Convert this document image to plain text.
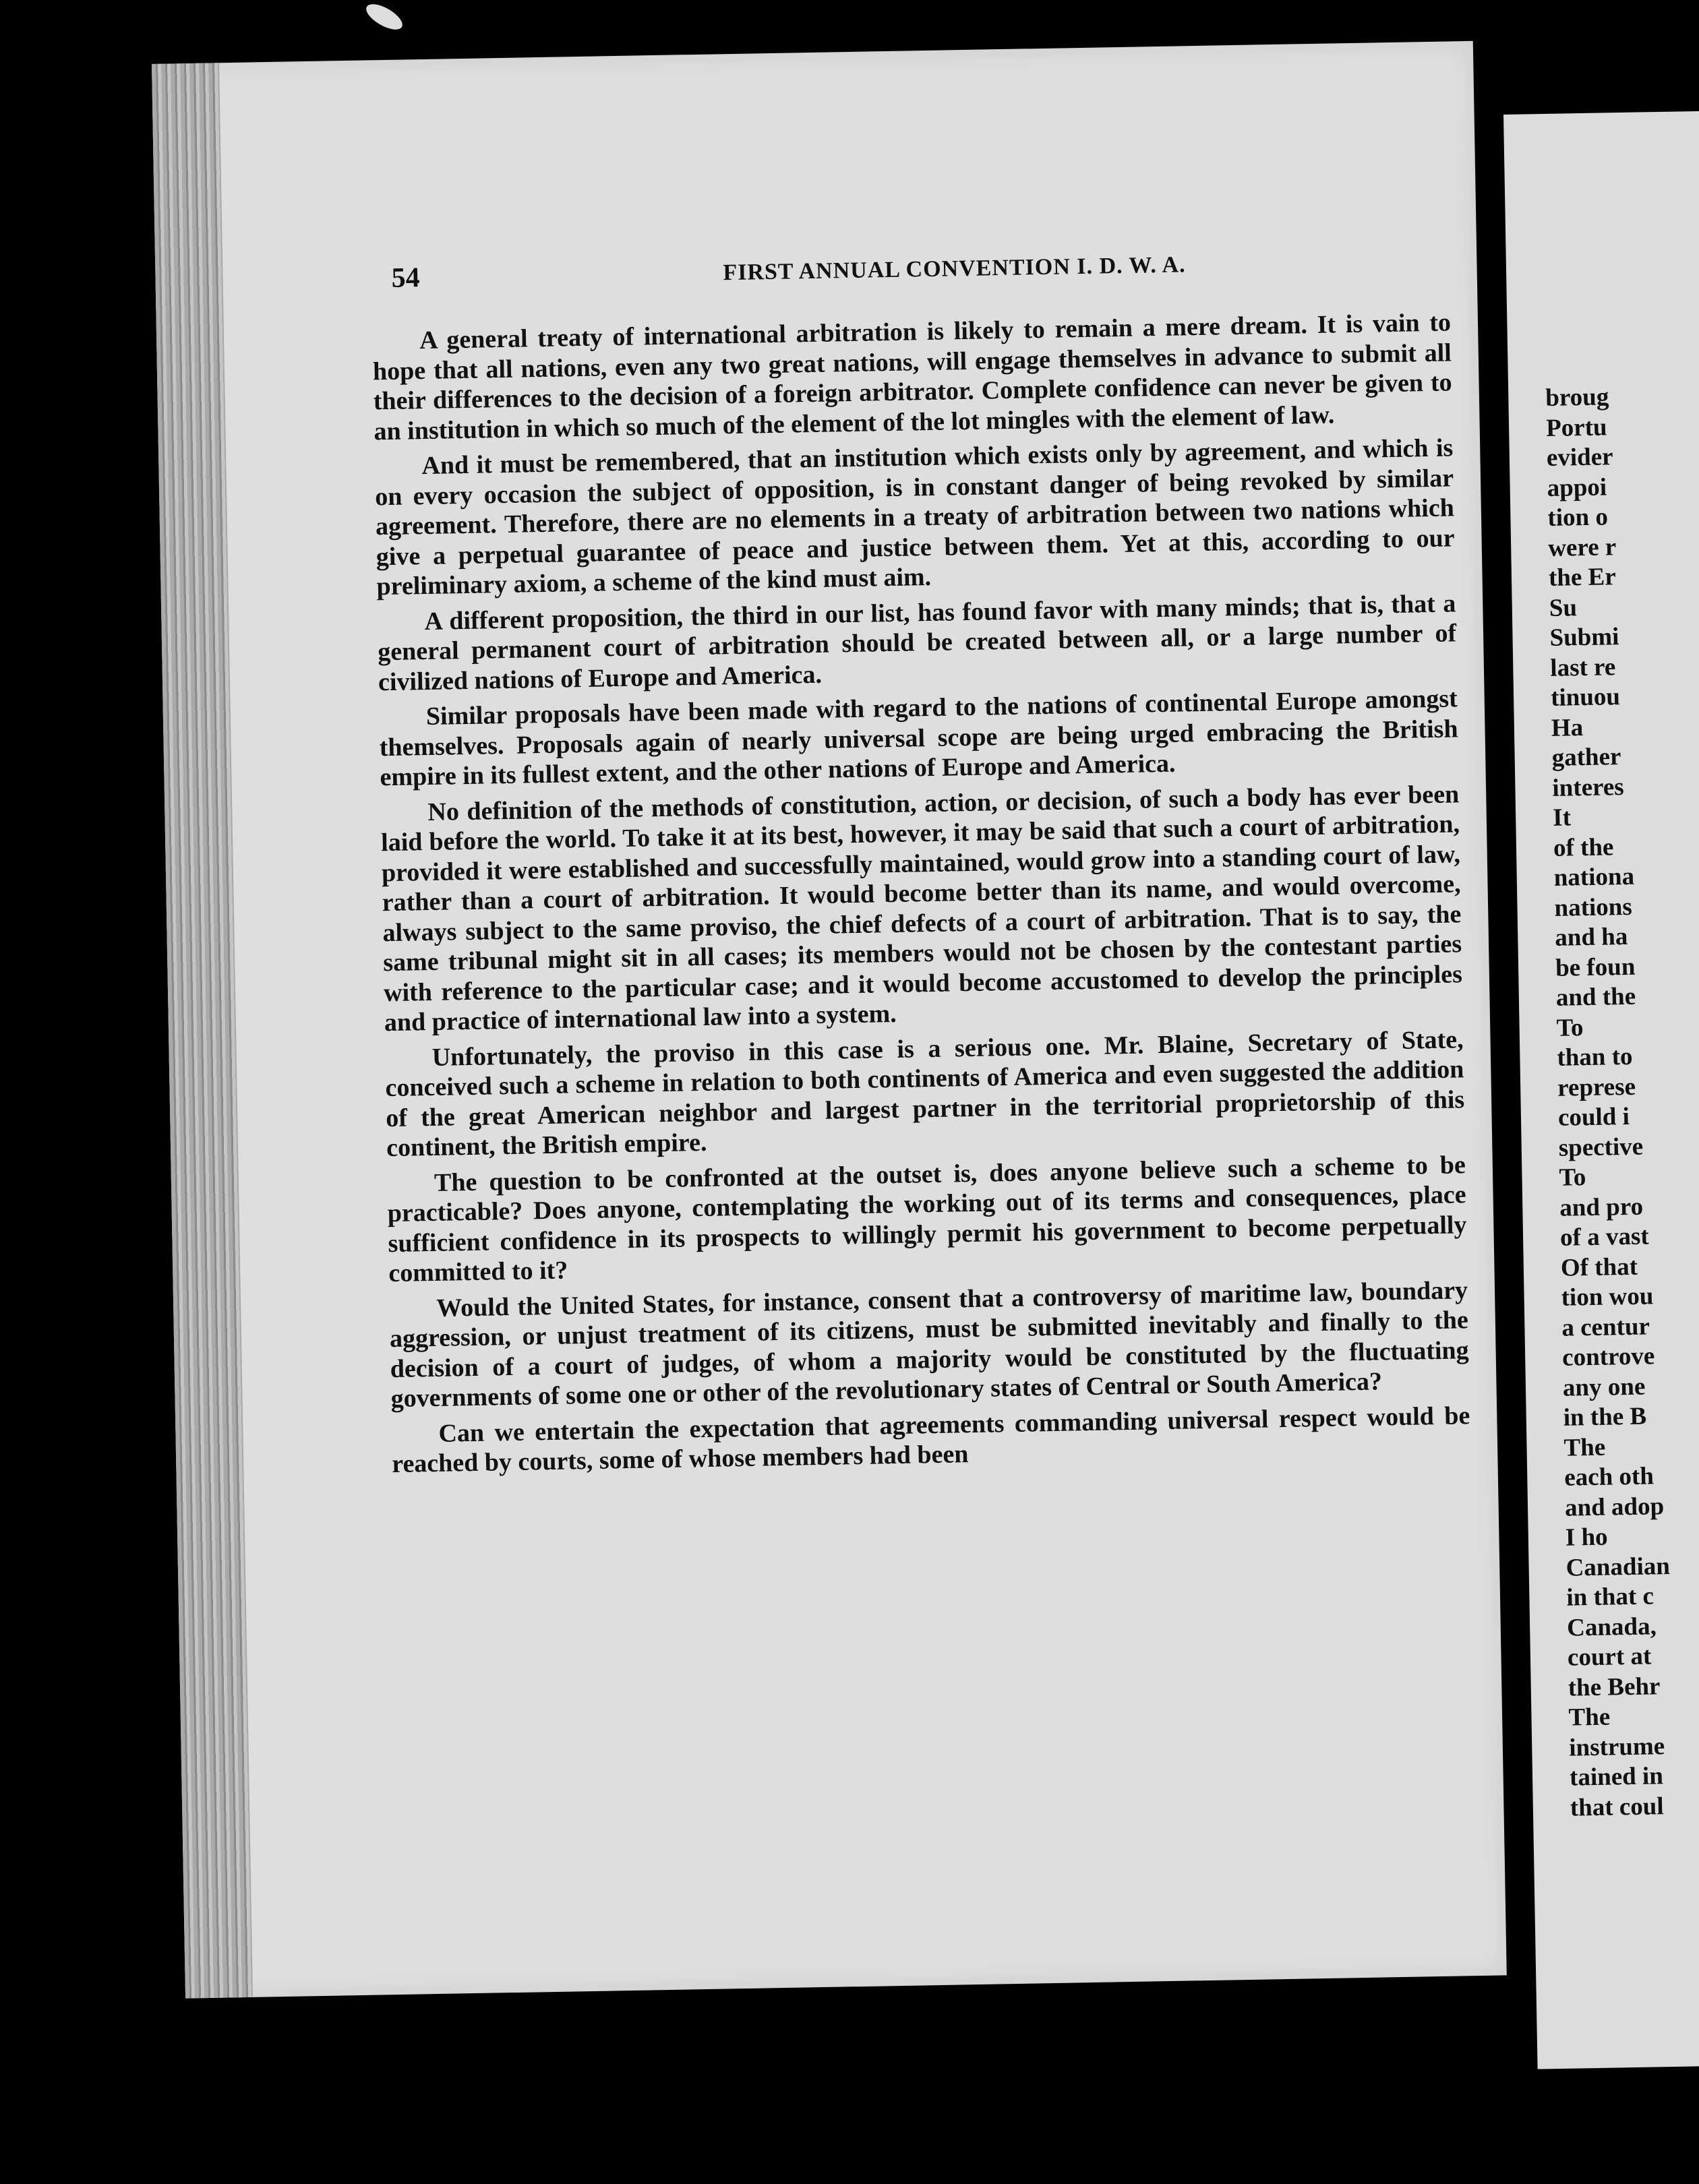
broug
Portu
evider
appoi
tion o
were r
the Er
Su
Submi
last re
tinuou
Ha
gather
interes
It
of the
nationa
nations
and ha
be foun
and the
To
than to
represe
could i
spective
To
and pro
of a vast
Of that
tion wou
a centur
controve
any one
in the B
The
each oth
and adop
I ho
Canadian
in that c
Canada,
court at
the Behr
The
instrume
tained in
that coul
54	FIRST ANNUAL CONVENTION I. D. W. A.

A general treaty of international arbitration is likely to remain a mere dream. It is vain to hope that all nations, even any two great nations, will engage themselves in advance to submit all their differences to the decision of a foreign arbitrator. Complete confidence can never be given to an institution in which so much of the element of the lot mingles with the element of law.

And it must be remembered, that an institution which exists only by agreement, and which is on every occasion the subject of opposition, is in constant danger of being revoked by similar agreement. Therefore, there are no elements in a treaty of arbitration between two nations which give a perpetual guarantee of peace and justice between them. Yet at this, according to our preliminary axiom, a scheme of the kind must aim.

A different proposition, the third in our list, has found favor with many minds; that is, that a general permanent court of arbitration should be created between all, or a large number of civilized nations of Europe and America.

Similar proposals have been made with regard to the nations of continental Europe amongst themselves. Proposals again of nearly universal scope are being urged embracing the British empire in its fullest extent, and the other nations of Europe and America.

No definition of the methods of constitution, action, or decision, of such a body has ever been laid before the world. To take it at its best, however, it may be said that such a court of arbitration, provided it were established and successfully maintained, would grow into a standing court of law, rather than a court of arbitration. It would become better than its name, and would overcome, always subject to the same proviso, the chief defects of a court of arbitration. That is to say, the same tribunal might sit in all cases; its members would not be chosen by the contestant parties with reference to the particular case; and it would become accustomed to develop the principles and practice of international law into a system.

Unfortunately, the proviso in this case is a serious one. Mr. Blaine, Secretary of State, conceived such a scheme in relation to both continents of America and even suggested the addition of the great American neighbor and largest partner in the territorial proprietorship of this continent, the British empire.

The question to be confronted at the outset is, does anyone believe such a scheme to be practicable? Does anyone, contemplating the working out of its terms and consequences, place sufficient confidence in its prospects to willingly permit his government to become perpetually committed to it?

Would the United States, for instance, consent that a controversy of maritime law, boundary aggression, or unjust treatment of its citizens, must be submitted inevitably and finally to the decision of a court of judges, of whom a majority would be constituted by the fluctuating governments of some one or other of the revolutionary states of Central or South America?

Can we entertain the expectation that agreements commanding universal respect would be reached by courts, some of whose members had been
